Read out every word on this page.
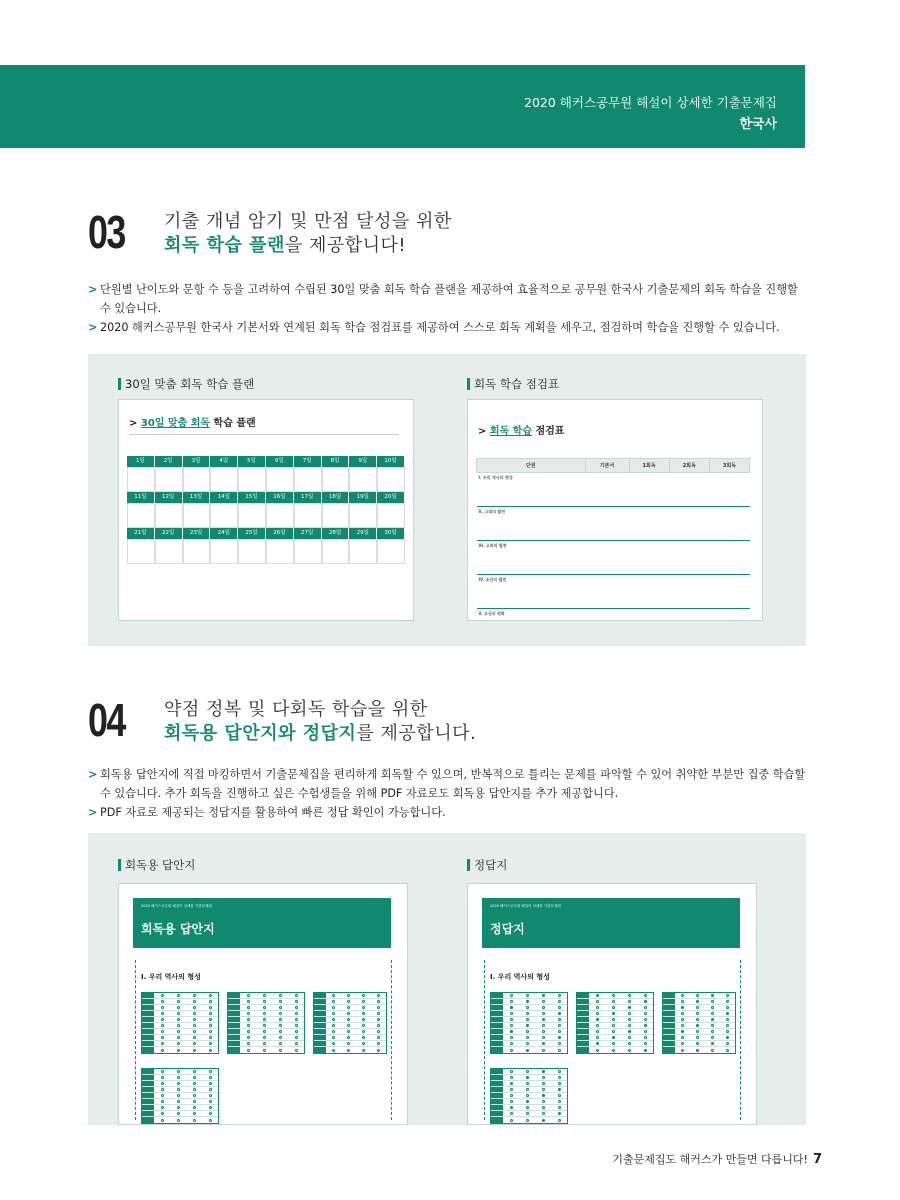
2020 해커스공무원 해설이 상세한 기출문제집
한국사
03 기출 개념 암기 및 만점 달성을 위한
회독 학습 플랜을 제공합니다!
> 단원별 난이도와 문항 수 등을 고려하여 수립된 30일 맞춤 회독 학습 플랜을 제공하여 효율적으로 공무원 한국사 기출문제의 회독 학습을 진행할 수 있습니다.
> 2020 해커스공무원 한국사 기본서와 연계된 회독 학습 점검표를 제공하여 스스로 회독 계획을 세우고, 점검하며 학습을 진행할 수 있습니다.
30일 맞춤 회독 학습 플랜	회독 학습 점검표
> 30일 맞춤 회독 학습 플랜
1일	2일	3일	4일	5일	6일	7일	8일	9일	10일
11일	12일	13일	14일	15일	16일	17일	18일	19일	20일
21일	22일	23일	24일	25일	26일	27일	28일	29일	30일
> 회독 학습 점검표
단원	기본서	1회독	2회독	3회독
I. 우리 역사의 형성				
II. 고대의 발전				
III. 고려의 발전				
IV. 조선의 발전				
V. 조선의 변화				
04 약점 정복 및 다회독 학습을 위한
회독용 답안지와 정답지를 제공합니다.
> 회독용 답안지에 직접 마킹하면서 기출문제집을 편리하게 회독할 수 있으며, 반복적으로 틀리는 문제를 파악할 수 있어 취약한 부분만 집중 학습할 수 있습니다. 추가 회독을 진행하고 싶은 수험생들을 위해 PDF 자료로도 회독용 답안지를 추가 제공합니다.
> PDF 자료로 제공되는 정답지를 활용하여 빠른 정답 확인이 가능합니다.
회독용 답안지	정답지
2020 해커스공무원 해설이 상세한 기출문제집
회독용 답안지
I. 우리 역사의 형성
2020 해커스공무원 해설이 상세한 기출문제집
정답지
I. 우리 역사의 형성
기출문제집도 해커스가 만들면 다릅니다! 7
